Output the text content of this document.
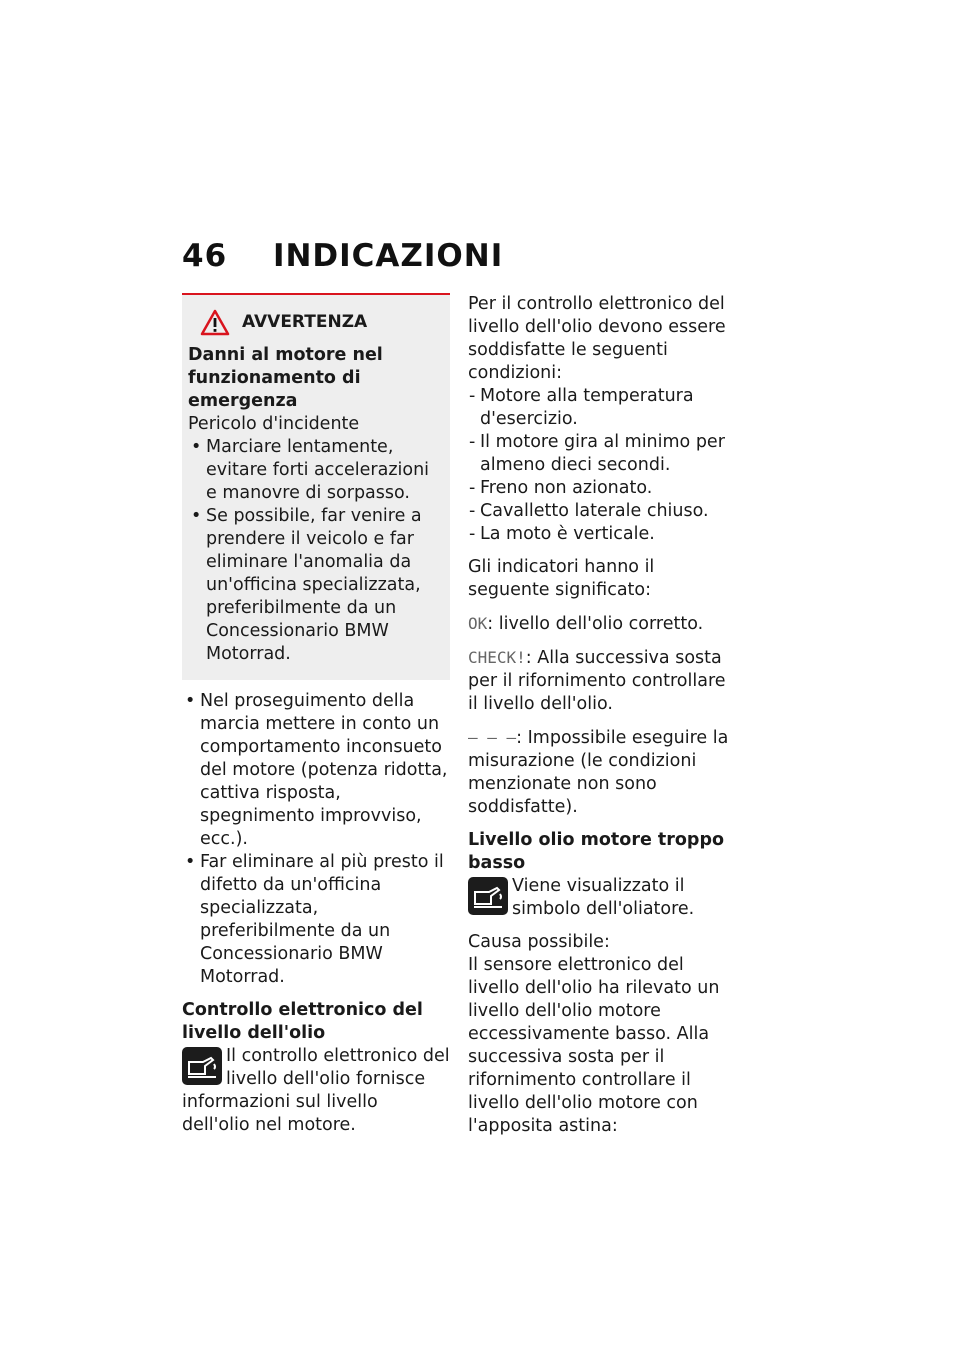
46 INDICAZIONI
AVVERTENZA

Danni al motore nel funzionamento di emergenza

Pericolo d'incidente

• Marciare lentamente, evitare forti accelerazioni e manovre di sorpasso.
• Se possibile, far venire a prendere il veicolo e far eliminare l'anomalia da un'officina specializzata, preferibilmente da un Concessionario BMW Motorrad.
• Nel proseguimento della marcia mettere in conto un comportamento inconsueto del motore (potenza ridotta, cattiva risposta, spegnimento improvviso, ecc.).
• Far eliminare al più presto il difetto da un'officina specializzata, preferibilmente da un Concessionario BMW Motorrad.

Controllo elettronico del livello dell'olio

Il controllo elettronico del livello dell'olio fornisce informazioni sul livello dell'olio nel motore.

Per il controllo elettronico del livello dell'olio devono essere soddisfatte le seguenti condizioni:

- Motore alla temperatura d'esercizio.
- Il motore gira al minimo per almeno dieci secondi.
- Freno non azionato.
- Cavalletto laterale chiuso.
- La moto è verticale.

Gli indicatori hanno il seguente significato:

OK: livello dell'olio corretto.

CHECK!: Alla successiva sosta per il rifornimento controllare il livello dell'olio.

– – –: Impossibile eseguire la misurazione (le condizioni menzionate non sono soddisfatte).

Livello olio motore troppo basso

Viene visualizzato il simbolo dell'oliatore.

Causa possibile:

Il sensore elettronico del livello dell'olio ha rilevato un livello dell'olio motore eccessivamente basso. Alla successiva sosta per il rifornimento controllare il livello dell'olio motore con l'apposita astina:
